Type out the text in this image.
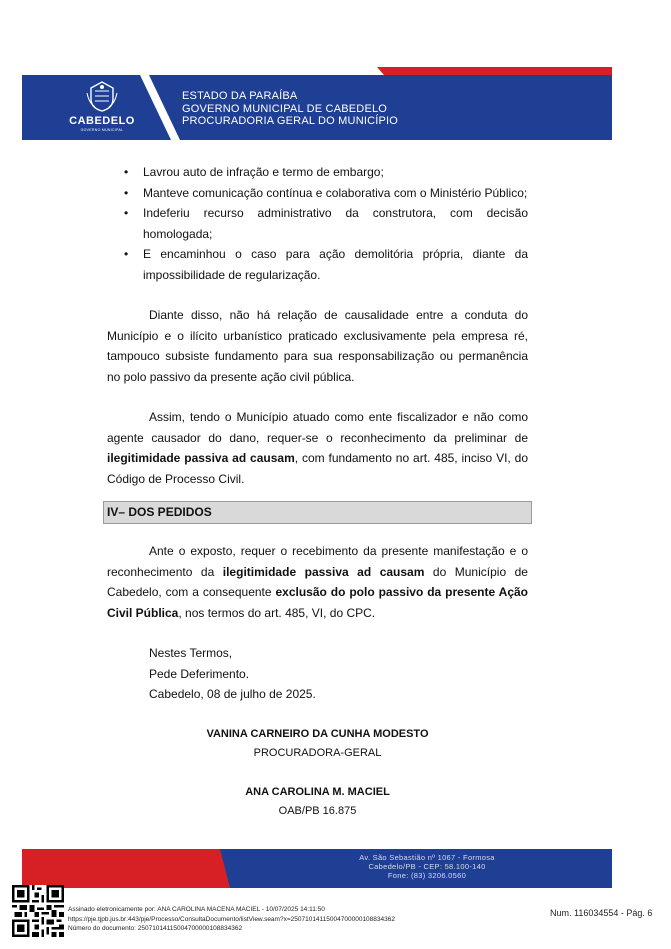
CABEDELO
GOVERNO MUNICIPAL
ESTADO DA PARAÍBA
GOVERNO MUNICIPAL DE CABEDELO
PROCURADORIA GERAL DO MUNICÍPIO
• Lavrou auto de infração e termo de embargo;
• Manteve comunicação contínua e colaborativa com o Ministério Público;
• Indeferiu recurso administrativo da construtora, com decisão homologada;
• E encaminhou o caso para ação demolitória própria, diante da impossibilidade de regularização.

Diante disso, não há relação de causalidade entre a conduta do Município e o ilícito urbanístico praticado exclusivamente pela empresa ré, tampouco subsiste fundamento para sua responsabilização ou permanência no polo passivo da presente ação civil pública.

Assim, tendo o Município atuado como ente fiscalizador e não como agente causador do dano, requer-se o reconhecimento da preliminar de ilegitimidade passiva ad causam, com fundamento no art. 485, inciso VI, do Código de Processo Civil.

IV– DOS PEDIDOS

Ante o exposto, requer o recebimento da presente manifestação e o reconhecimento da ilegitimidade passiva ad causam do Município de Cabedelo, com a consequente exclusão do polo passivo da presente Ação Civil Pública, nos termos do art. 485, VI, do CPC.

Nestes Termos,
Pede Deferimento.
Cabedelo, 08 de julho de 2025.
VANINA CARNEIRO DA CUNHA MODESTO
PROCURADORA-GERAL
ANA CAROLINA M. MACIEL
OAB/PB 16.875
Av. São Sebastião nº 1067 - Formosa
Cabedelo/PB - CEP: 58.100-140
Fone: (83) 3206.0560
Assinado eletronicamente por: ANA CAROLINA MACENA MACIEL - 10/07/2025 14:11:50
https://pje.tjpb.jus.br:443/pje/Processo/ConsultaDocumento/listView.seam?x=25071014115004700000108834362
Número do documento: 25071014115004700000108834362
Num. 116034554 - Pág. 6
